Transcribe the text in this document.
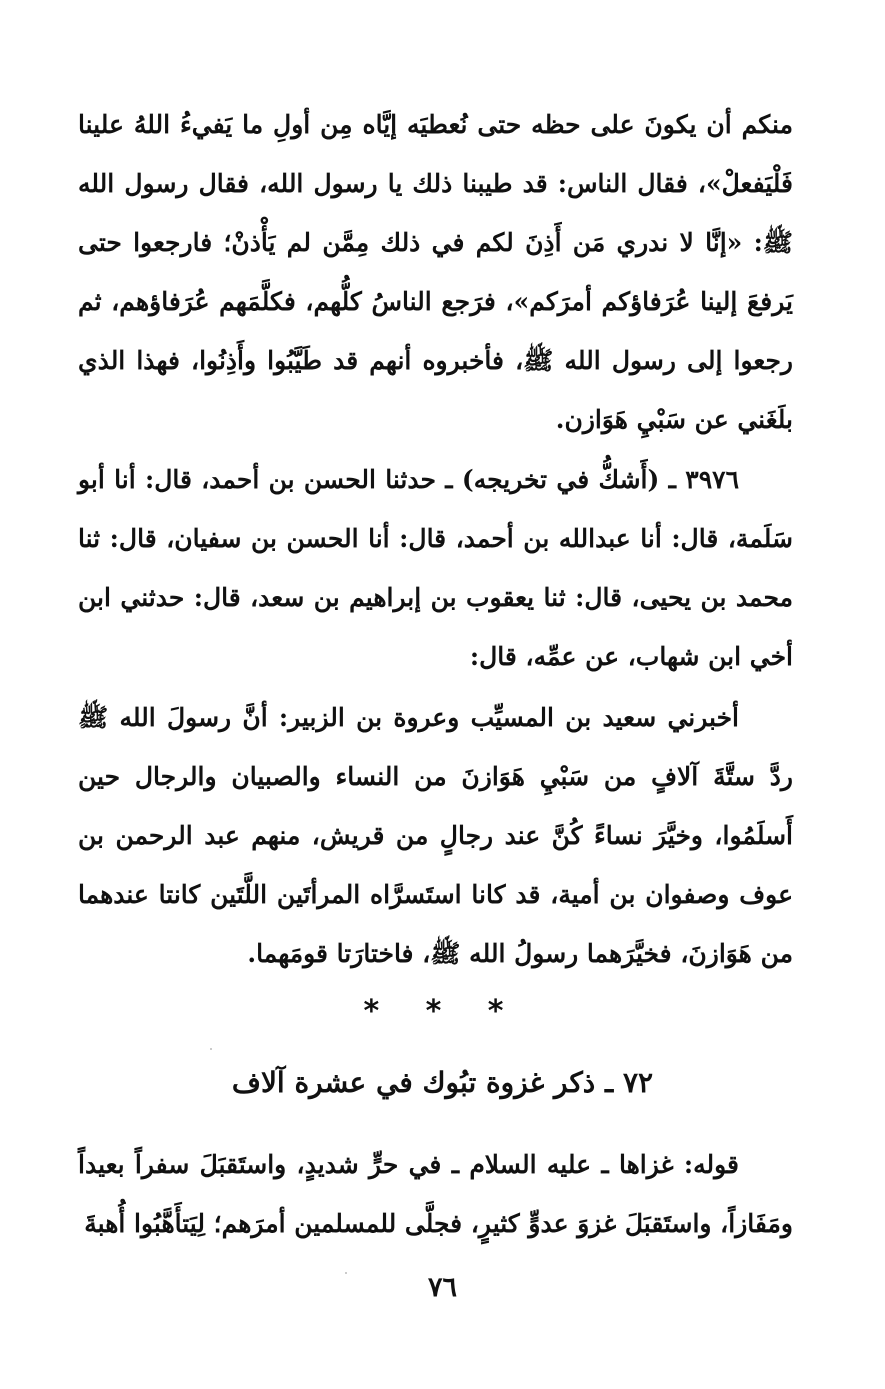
منكم أن يكونَ على حظه حتى نُعطيَه إيَّاه مِن أولِ ما يَفيءُ اللهُ علينا فَلْيَفعلْ»، فقال الناس: قد طيبنا ذلك يا رسول الله، فقال رسول الله ﷺ: «إنَّا لا ندري مَن أَذِنَ لكم في ذلك مِمَّن لم يَأْذنْ؛ فارجعوا حتى يَرفعَ إلينا عُرَفاؤكم أمرَكم»، فرَجع الناسُ كلُّهم، فكلَّمَهم عُرَفاؤهم، ثم رجعوا إلى رسول الله ﷺ، فأخبروه أنهم قد طَيَّبُوا وأَذِنُوا، فهذا الذي بلَغَني عن سَبْيِ هَوَازن.

٣٩٧٦ ـ (أَشكُّ في تخريجه) ـ حدثنا الحسن بن أحمد، قال: أنا أبو سَلَمة، قال: أنا عبدالله بن أحمد، قال: أنا الحسن بن سفيان، قال: ثنا محمد بن يحيى، قال: ثنا يعقوب بن إبراهيم بن سعد، قال: حدثني ابن أخي ابن شهاب، عن عمِّه، قال:

أخبرني سعيد بن المسيِّب وعروة بن الزبير: أنَّ رسولَ الله ﷺ ردَّ ستَّةَ آلافٍ من سَبْيِ هَوَازنَ من النساء والصبيان والرجال حين أَسلَمُوا، وخيَّرَ نساءً كُنَّ عند رجالٍ من قريش، منهم عبد الرحمن بن عوف وصفوان بن أمية، قد كانا استَسرَّاه المرأتَين اللَّتَين كانتا عندهما من هَوَازنَ، فخيَّرَهما رسولُ الله ﷺ، فاختارَتا قومَهما.

* * *
٧٢ ـ ذكر غزوة تبُوك في عشرة آلاف

قوله: غزاها ـ عليه السلام ـ في حرٍّ شديدٍ، واستَقبَلَ سفراً بعيداً ومَفَازاً، واستَقبَلَ غزوَ عدوٍّ كثيرٍ، فجلَّى للمسلمين أمرَهم؛ لِيَتأَهَّبُوا أُهبةَ

٧٦
